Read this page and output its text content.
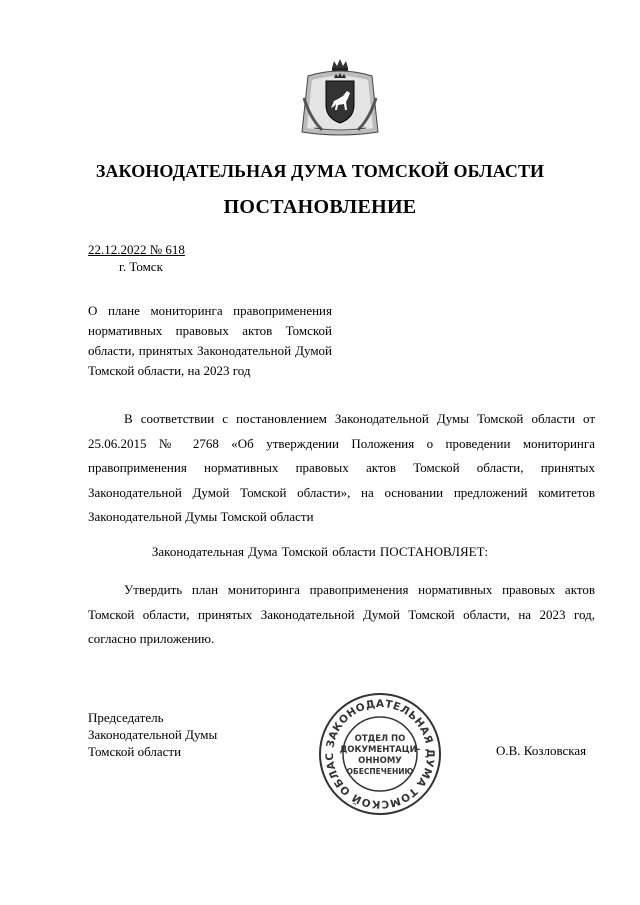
ЗАКОНОДАТЕЛЬНАЯ ДУМА ТОМСКОЙ ОБЛАСТИ
ПОСТАНОВЛЕНИЕ
22.12.2022 № 618
г. Томск
О плане мониторинга правоприменения нормативных правовых актов Томской области, принятых Законодательной Думой Томской области, на 2023 год
В соответствии с постановлением Законодательной Думы Томской области от 25.06.2015 № 2768 «Об утверждении Положения о проведении мониторинга правоприменения нормативных правовых актов Томской области, принятых Законодательной Думой Томской области», на основании предложений комитетов Законодательной Думы Томской области
Законодательная Дума Томской области ПОСТАНОВЛЯЕТ:
Утвердить план мониторинга правоприменения нормативных правовых актов Томской области, принятых Законодательной Думой Томской области, на 2023 год, согласно приложению.
Председатель
Законодательной Думы
Томской области	О.В. Козловская
ЗАКОНОДАТЕЛЬНАЯ ДУМА ТОМСКОЙ ОБЛАС
ОТДЕЛ ПО
ДОКУМЕНТАЦИ-
ОННОМУ
ОБЕСПЕЧЕНИЮ
